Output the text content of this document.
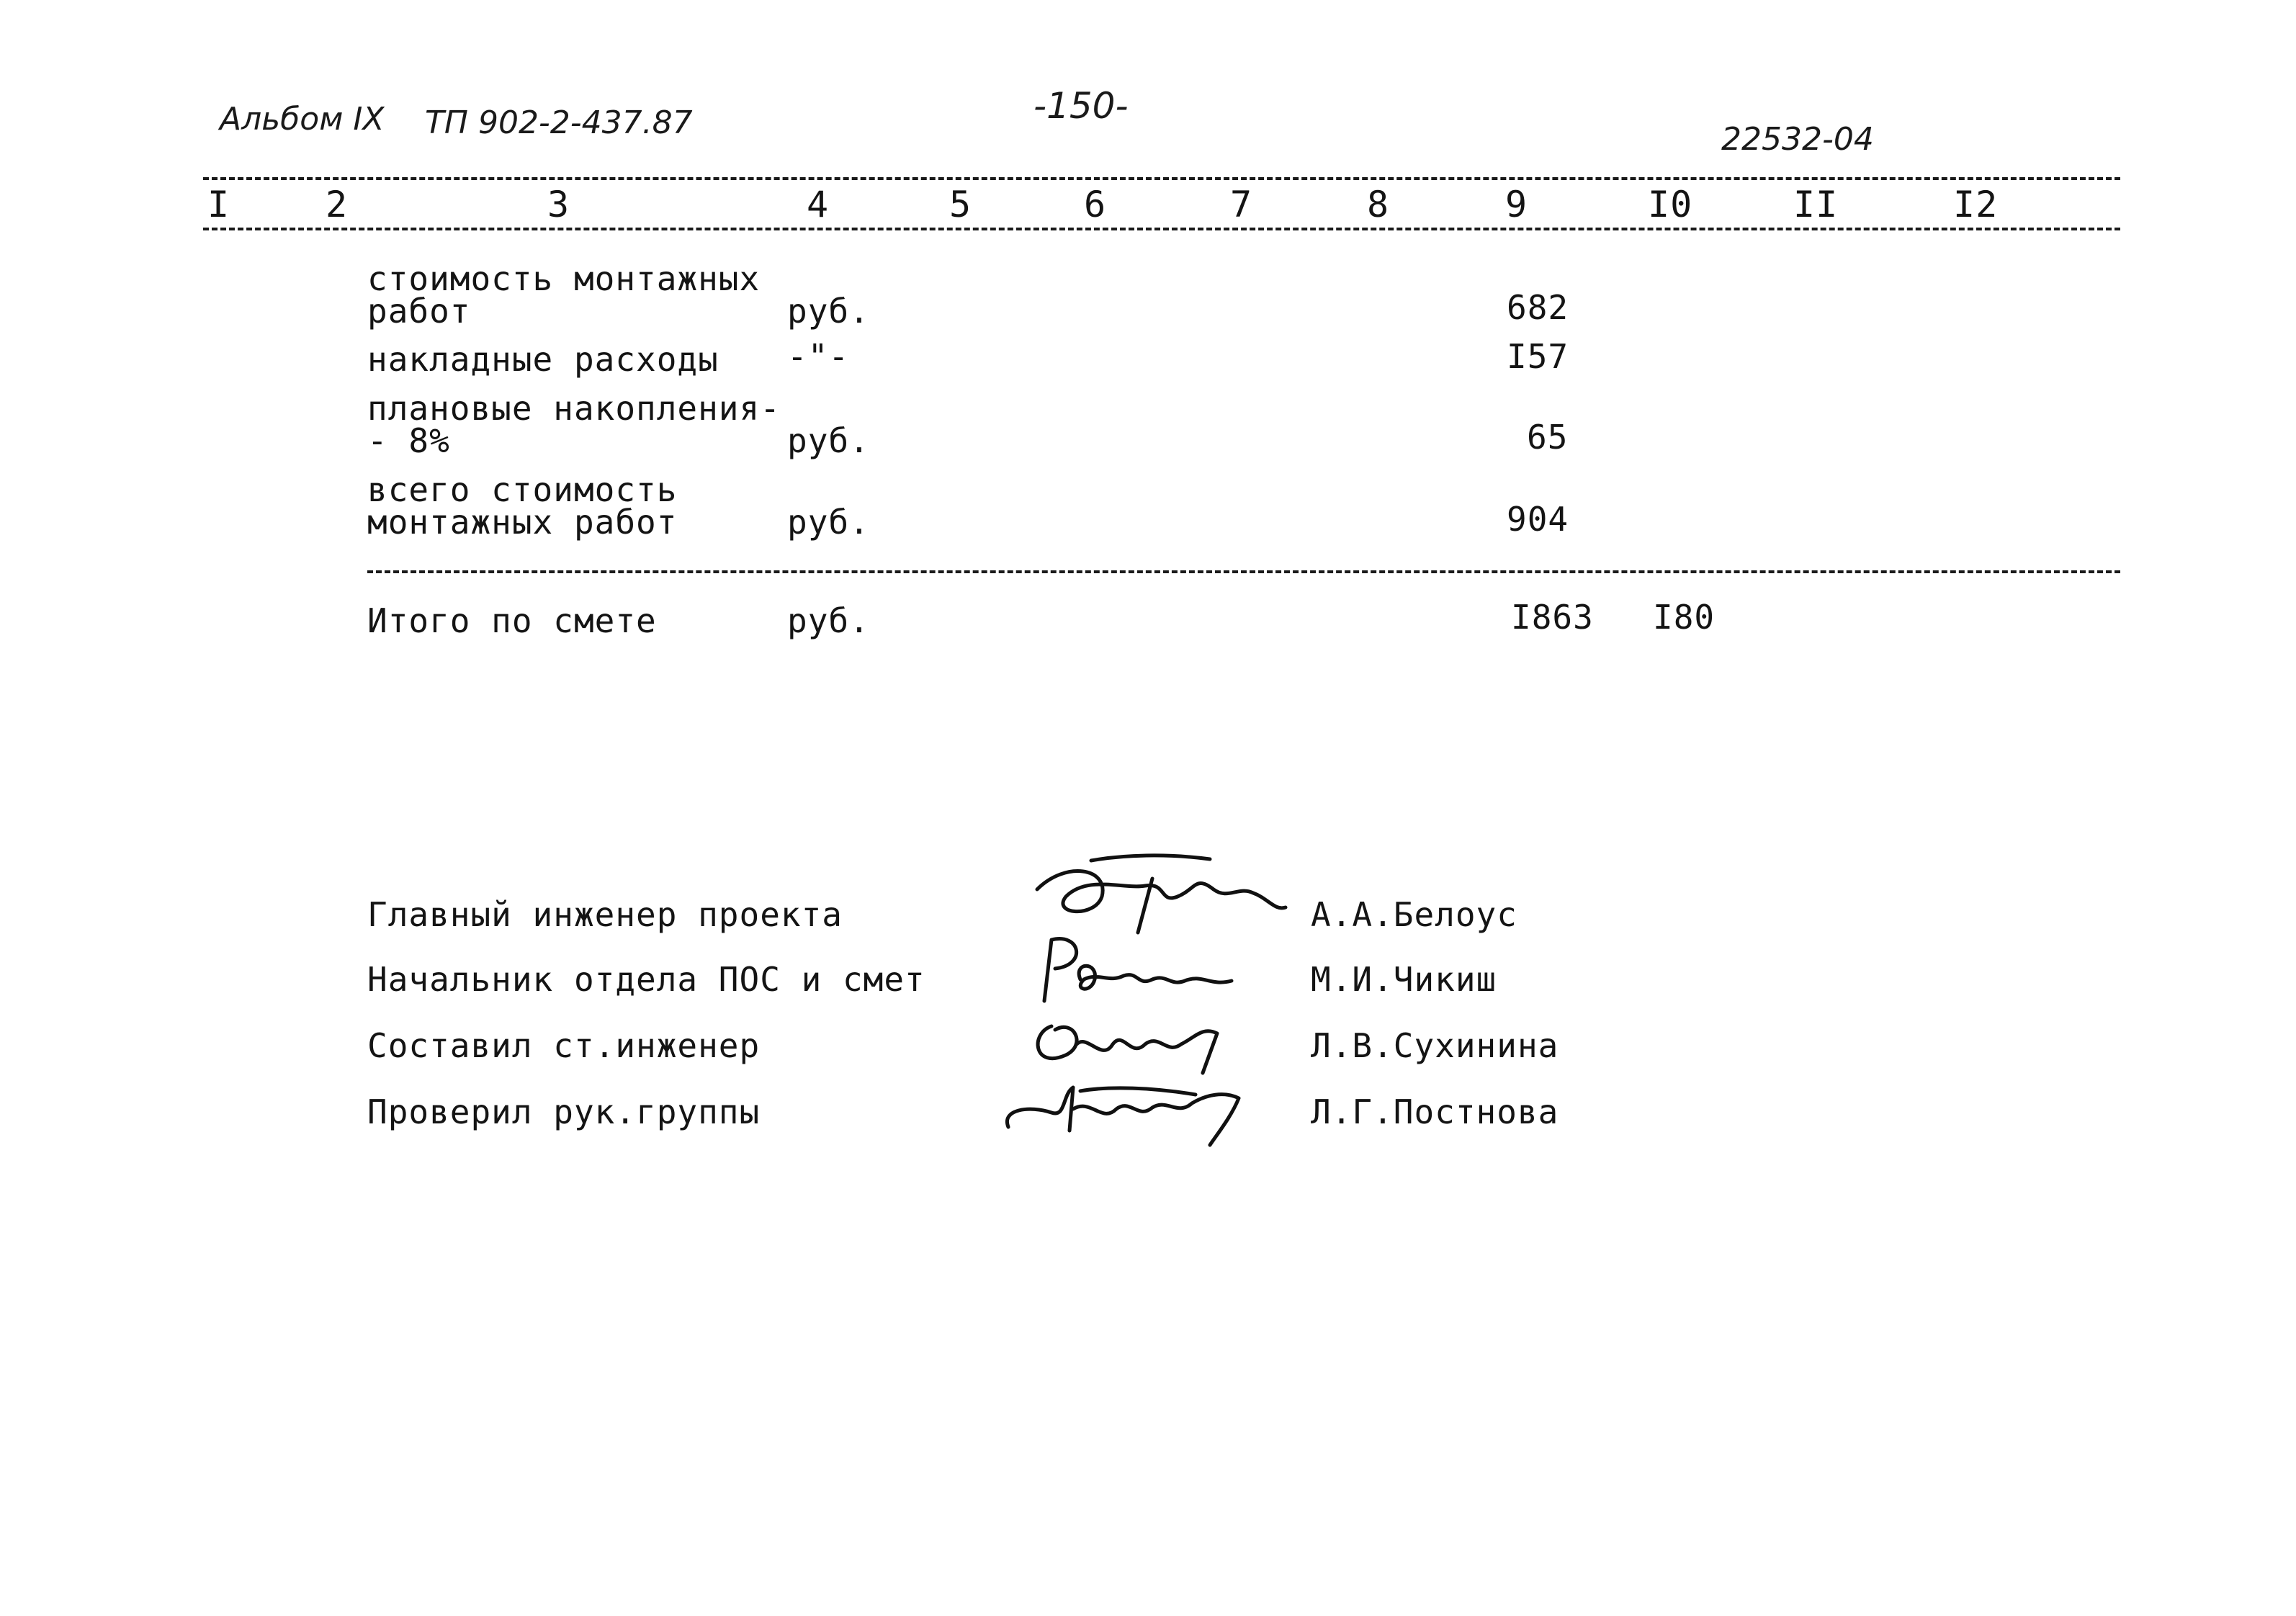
Альбом IX ТП 902-2-437.87	-150-
22532-04
I	2	3	4	5	6	7	8	9	I0	II	I2
стоимость монтажных
работ	руб.	682
накладные расходы -"-	I57
плановые накопления-
- 8%	руб.	65
всего стоимость
монтажных работ	руб.	904
Итого по смете	руб.	I863 I80
Главный инженер проекта	А.А.Белоус
Начальник отдела ПОС и смет	М.И.Чикиш
Составил ст.инженер	Л.В.Сухинина
Проверил рук.группы	Л.Г.Постнова
